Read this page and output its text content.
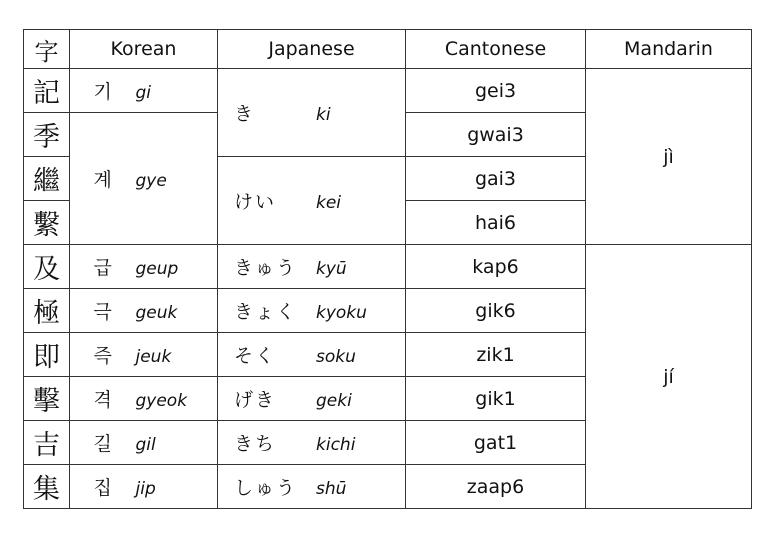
字	Korean	Japanese	Cantonese	Mandarin
記	기 gi	き ki	gei3	jì
季	계 gye		gwai3	
繼		けい kei	gai3	
繫			hai6	
及	급 geup	きゅう kyū	kap6	jí
極	극 geuk	きょく kyoku	gik6	
即	즉 jeuk	そく soku	zik1	
擊	격 gyeok	げき geki	gik1	
吉	길 gil	きち kichi	gat1	
集	집 jip	しゅう shū	zaap6	
